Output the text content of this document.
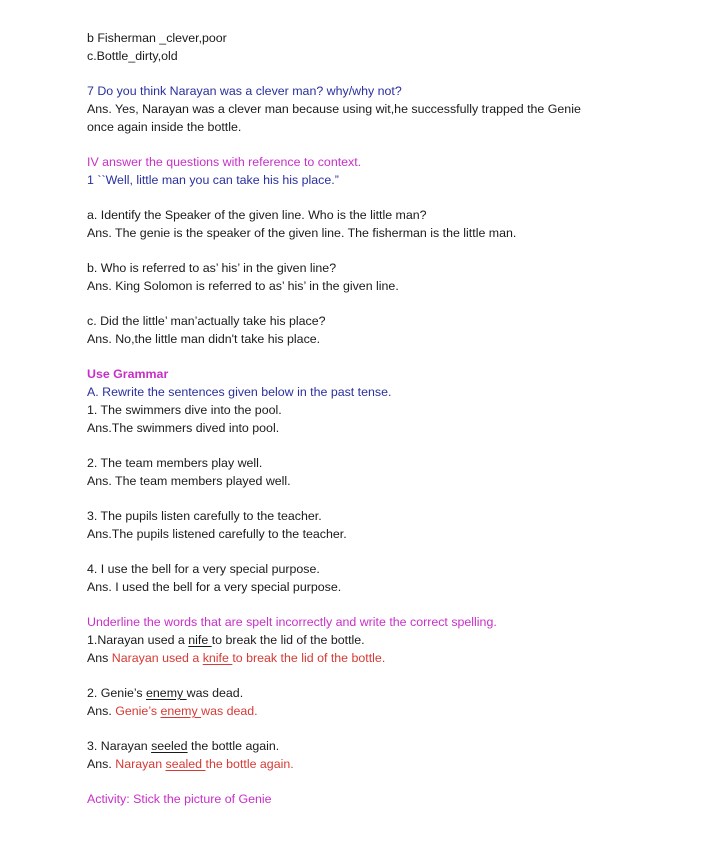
b Fisherman _clever,poor
c.Bottle_dirty,old
7 Do you think Narayan was a clever man? why/why not?
Ans. Yes, Narayan was a clever man because using wit,he successfully trapped the Genie
once again inside the bottle.
IV answer the questions with reference to context.
1 ``Well, little man you can take his his place.”
a. Identify the Speaker of the given line. Who is the little man?
Ans. The genie is the speaker of the given line. The fisherman is the little man.
b. Who is referred to as’ his’ in the given line?
Ans. King Solomon is referred to as’ his’ in the given line.
c. Did the little’ man’actually take his place?
Ans. No,the little man didn't take his place.
Use Grammar
A. Rewrite the sentences given below in the past tense.
1. The swimmers dive into the pool.
Ans.The swimmers dived into pool.
2. The team members play well.
Ans. The team members played well.
3. The pupils listen carefully to the teacher.
Ans.The pupils listened carefully to the teacher.
4. I use the bell for a very special purpose.
Ans. I used the bell for a very special purpose.
Underline the words that are spelt incorrectly and write the correct spelling.
1.Narayan used a nife to break the lid of the bottle.
Ans Narayan used a knife to break the lid of the bottle.
2. Genie’s enemy was dead.
Ans. Genie’s enemy was dead.
3. Narayan seeled the bottle again.
Ans. Narayan sealed the bottle again.
Activity: Stick the picture of Genie
